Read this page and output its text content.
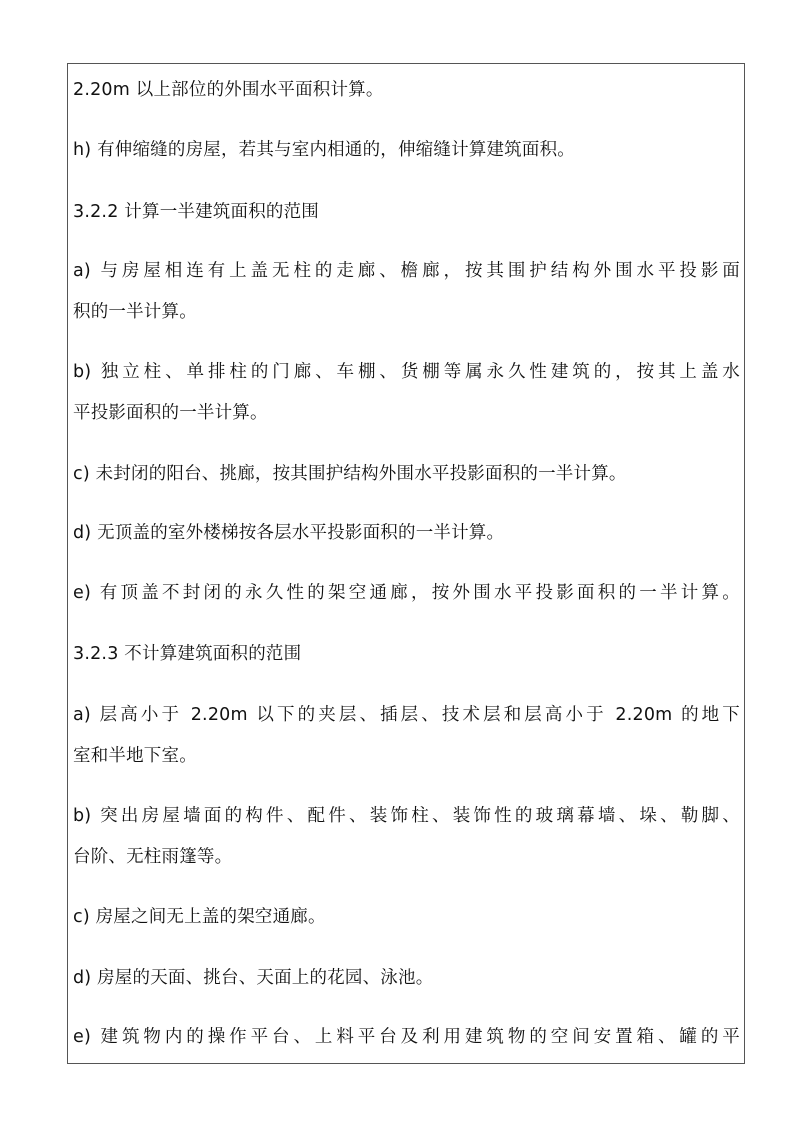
2.20m 以上部位的外围水平面积计算。
h) 有伸缩缝的房屋，若其与室内相通的，伸缩缝计算建筑面积。
3.2.2 计算一半建筑面积的范围
a) 与房屋相连有上盖无柱的走廊、檐廊，按其围护结构外围水平投影面
积的一半计算。
b) 独立柱、单排柱的门廊、车棚、货棚等属永久性建筑的，按其上盖水
平投影面积的一半计算。
c) 未封闭的阳台、挑廊，按其围护结构外围水平投影面积的一半计算。
d) 无顶盖的室外楼梯按各层水平投影面积的一半计算。
e) 有顶盖不封闭的永久性的架空通廊，按外围水平投影面积的一半计算。
3.2.3 不计算建筑面积的范围
a) 层高小于 2.20m 以下的夹层、插层、技术层和层高小于 2.20m 的地下
室和半地下室。
b) 突出房屋墙面的构件、配件、装饰柱、装饰性的玻璃幕墙、垛、勒脚、
台阶、无柱雨篷等。
c) 房屋之间无上盖的架空通廊。
d) 房屋的天面、挑台、天面上的花园、泳池。
e) 建筑物内的操作平台、上料平台及利用建筑物的空间安置箱、罐的平
